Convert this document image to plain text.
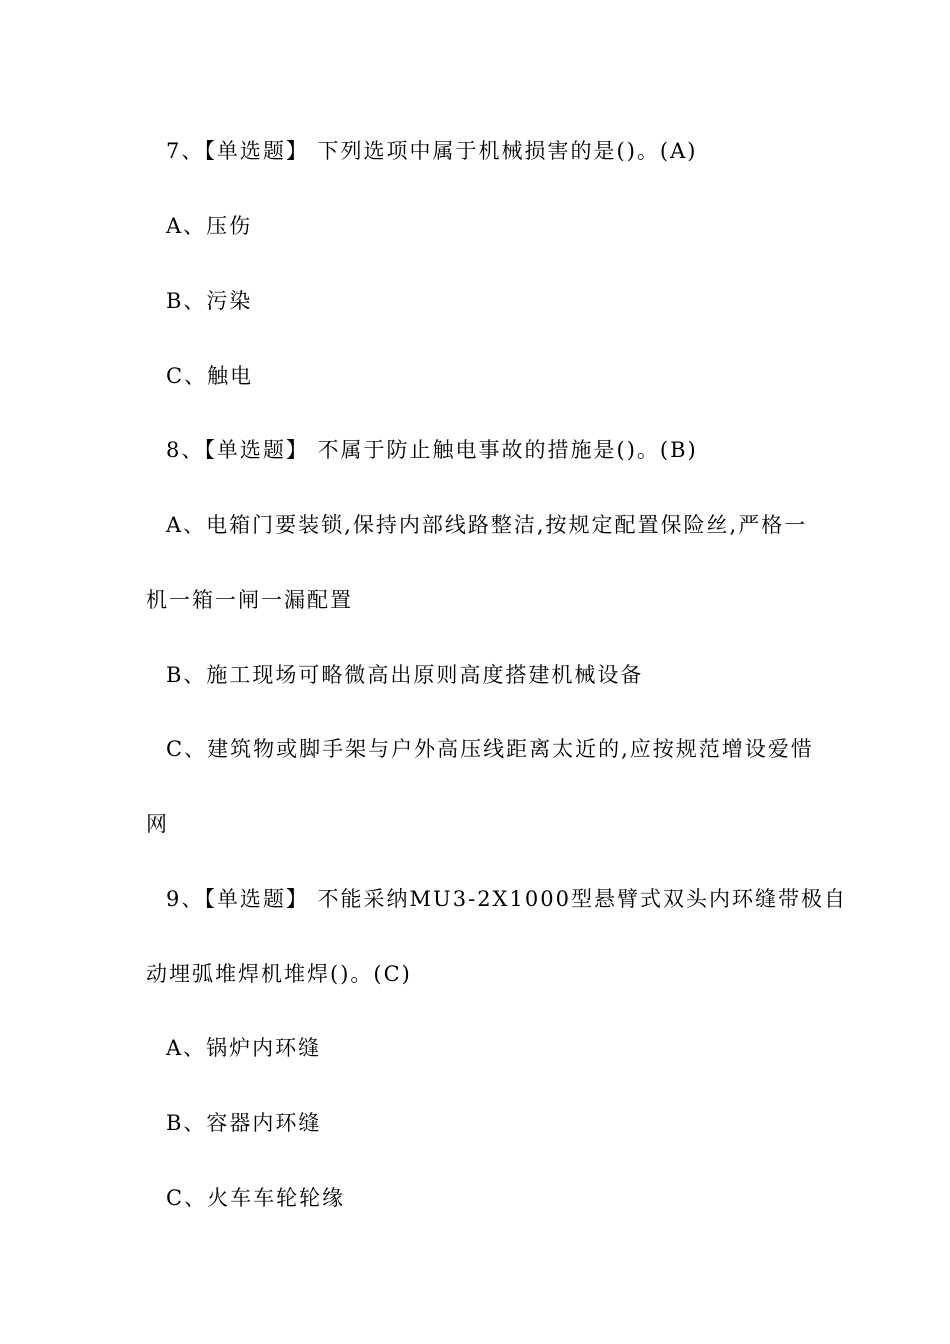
7、【单选题】 下列选项中属于机械损害的是()。(A)
A、压伤
B、污染
C、触电
8、【单选题】 不属于防止触电事故的措施是()。(B)
A、电箱门要装锁,保持内部线路整洁,按规定配置保险丝,严格一
机一箱一闸一漏配置
B、施工现场可略微高出原则高度搭建机械设备
C、建筑物或脚手架与户外高压线距离太近的,应按规范增设爱惜
网
9、【单选题】 不能采纳MU3-2X1000型悬臂式双头内环缝带极自
动埋弧堆焊机堆焊()。(C)
A、锅炉内环缝
B、容器内环缝
C、火车车轮轮缘
